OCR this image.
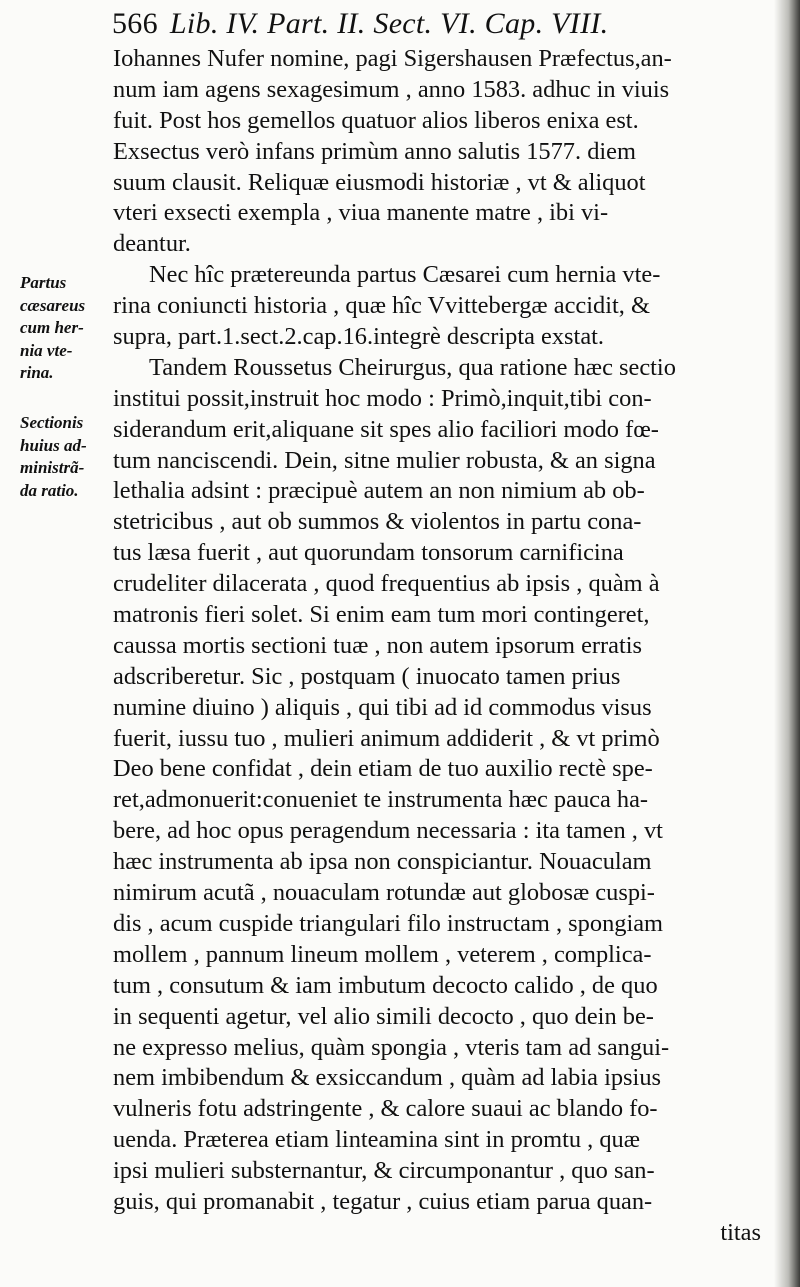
566 Lib. IV. Part. II. Sect. VI. Cap. VIII.
Partus
cæsareus
cum her-
nia vte-
rina.
Sectionis
huius ad-
ministrã-
da ratio.
Iohannes Nufer nomine, pagi Sigershausen Præfectus,an-
num iam agens sexagesimum , anno 1583. adhuc in viuis
fuit. Post hos gemellos quatuor alios liberos enixa est.
Exsectus verò infans primùm anno salutis 1577. diem
suum clausit. Reliquæ eiusmodi historiæ , vt & aliquot
vteri exsecti exempla , viua manente matre , ibi vi-
deantur.
Nec hîc prætereunda partus Cæsarei cum hernia vte-
rina coniuncti historia , quæ hîc Vvittebergæ accidit, &
supra, part.1.sect.2.cap.16.integrè descripta exstat.
Tandem Roussetus Cheirurgus, qua ratione hæc sectio
institui possit,instruit hoc modo : Primò,inquit,tibi con-
siderandum erit,aliquane sit spes alio faciliori modo fœ-
tum nanciscendi. Dein, sitne mulier robusta, & an signa
lethalia adsint : præcipuè autem an non nimium ab ob-
stetricibus , aut ob summos & violentos in partu cona-
tus læsa fuerit , aut quorundam tonsorum carnificina
crudeliter dilacerata , quod frequentius ab ipsis , quàm à
matronis fieri solet. Si enim eam tum mori contingeret,
caussa mortis sectioni tuæ , non autem ipsorum erratis
adscriberetur. Sic , postquam ( inuocato tamen prius
numine diuino ) aliquis , qui tibi ad id commodus visus
fuerit, iussu tuo , mulieri animum addiderit , & vt primò
Deo bene confidat , dein etiam de tuo auxilio rectè spe-
ret,admonuerit:conueniet te instrumenta hæc pauca ha-
bere, ad hoc opus peragendum necessaria : ita tamen , vt
hæc instrumenta ab ipsa non conspiciantur. Nouaculam
nimirum acutã , nouaculam rotundæ aut globosæ cuspi-
dis , acum cuspide triangulari filo instructam , spongiam
mollem , pannum lineum mollem , veterem , complica-
tum , consutum & iam imbutum decocto calido , de quo
in sequenti agetur, vel alio simili decocto , quo dein be-
ne expresso melius, quàm spongia , vteris tam ad sangui-
nem imbibendum & exsiccandum , quàm ad labia ipsius
vulneris fotu adstringente , & calore suaui ac blando fo-
uenda. Præterea etiam linteamina sint in promtu , quæ
ipsi mulieri substernantur, & circumponantur , quo san-
guis, qui promanabit , tegatur , cuius etiam parua quan-
titas
